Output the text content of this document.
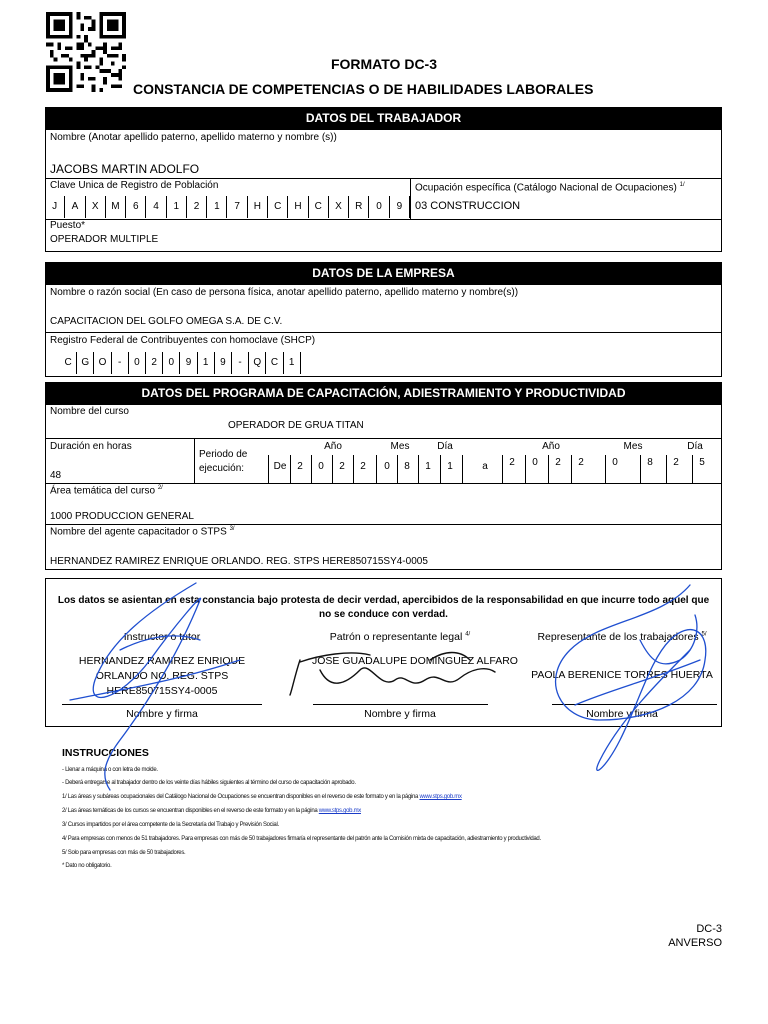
FORMATO DC-3
CONSTANCIA DE COMPETENCIAS O DE HABILIDADES LABORALES
DATOS DEL TRABAJADOR
Nombre (Anotar apellido paterno, apellido materno y nombre (s))
JACOBS MARTIN ADOLFO
Clave Unica de Registro de Población	Ocupación específica (Catálogo Nacional de Ocupaciones) $^{1/}$
03 CONSTRUCCION
J	A	X	M	6	4	1	2	1	7	H	C	H	C	X	R	0	9
Puesto*
OPERADOR MULTIPLE
DATOS DE LA EMPRESA
Nombre o razón social (En caso de persona física, anotar apellido paterno, apellido materno y nombre(s))
CAPACITACION DEL GOLFO OMEGA S.A. DE C.V.
Registro Federal de Contribuyentes con homoclave (SHCP)
C G O	-	0	2	0	9	1	9	-	Q C	1
DATOS DEL PROGRAMA DE CAPACITACIÓN, ADIESTRAMIENTO Y PRODUCTIVIDAD
Nombre del curso
OPERADOR DE GRUA TITAN
Duración en horas
48
Periodo de
ejecución:	De	2	0	2	2	0	8	1	1	a	2	0	2	2	0	8	2	5
Año	Mes	Día	Año	Mes	Día
Área temática del curso $^{2/}$
1000 PRODUCCION GENERAL
Nombre del agente capacitador o STPS $^{3/}$
HERNANDEZ RAMIREZ ENRIQUE ORLANDO. REG. STPS HERE850715SY4-0005
Los datos se asientan en esta constancia bajo protesta de decir verdad, apercibidos de la responsabilidad en que incurre todo aquel que
no se conduce con verdad.
Instructor o tutor
HERNANDEZ RAMIREZ ENRIQUE
ORLANDO NO. REG. STPS
HERE850715SY4-0005
Nombre y firma
Patrón o representante legal $^{4/}$
JOSE GUADALUPE DOMINGUEZ ALFARO
Nombre y firma
Representante de los trabajadores $^{5/}$
PAOLA BERENICE TORRES HUERTA
Nombre y firma
INSTRUCCIONES
- Llenar a máquina o con letra de molde.
- Deberá entregarse al trabajador dentro de los veinte días hábiles siguientes al término del curso de capacitación aprobado.
1/ Las áreas y subáreas ocupacionales del Catálogo Nacional de Ocupaciones se encuentran disponibles en el reverso de este formato y en la página www.stps.gob.mx
2/ Las áreas temáticas de los cursos se encuentran disponibles en el reverso de este formato y en la página www.stps.gob.mx
3/ Cursos impartidos por el área competente de la Secretaría del Trabajo y Previsión Social.
4/ Para empresas con menos de 51 trabajadores. Para empresas con más de 50 trabajadores firmaría el representante del patrón ante la Comisión mixta de capacitación, adiestramiento y productividad.
5/ Solo para empresas con más de 50 trabajadores.
* Dato no obligatorio.
DC-3
ANVERSO
